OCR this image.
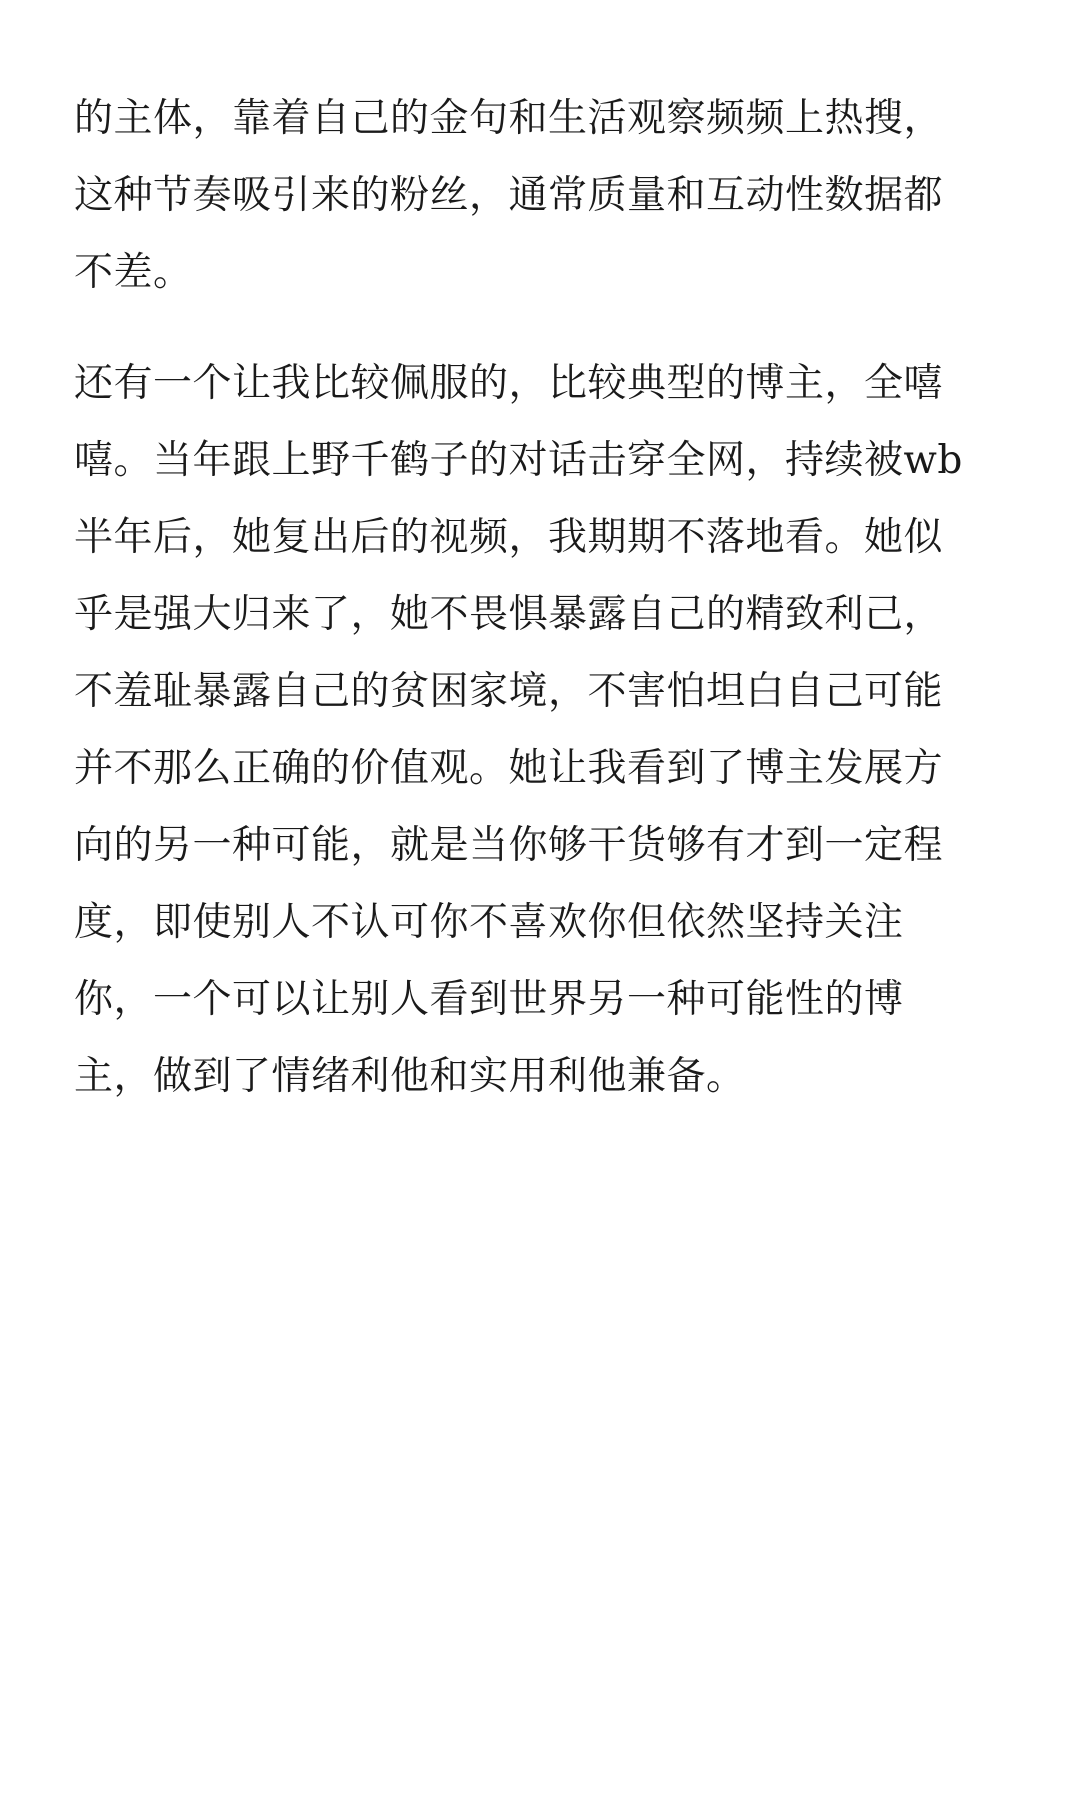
的主体，靠着自己的金句和生活观察频频上热搜，
这种节奏吸引来的粉丝，通常质量和互动性数据都
不差。
还有一个让我比较佩服的，比较典型的博主，全嘻
嘻。当年跟上野千鹤子的对话击穿全网，持续被wb
半年后，她复出后的视频，我期期不落地看。她似
乎是强大归来了，她不畏惧暴露自己的精致利己，
不羞耻暴露自己的贫困家境，不害怕坦白自己可能
并不那么正确的价值观。她让我看到了博主发展方
向的另一种可能，就是当你够干货够有才到一定程
度，即使别人不认可你不喜欢你但依然坚持关注
你，一个可以让别人看到世界另一种可能性的博
主，做到了情绪利他和实用利他兼备。
